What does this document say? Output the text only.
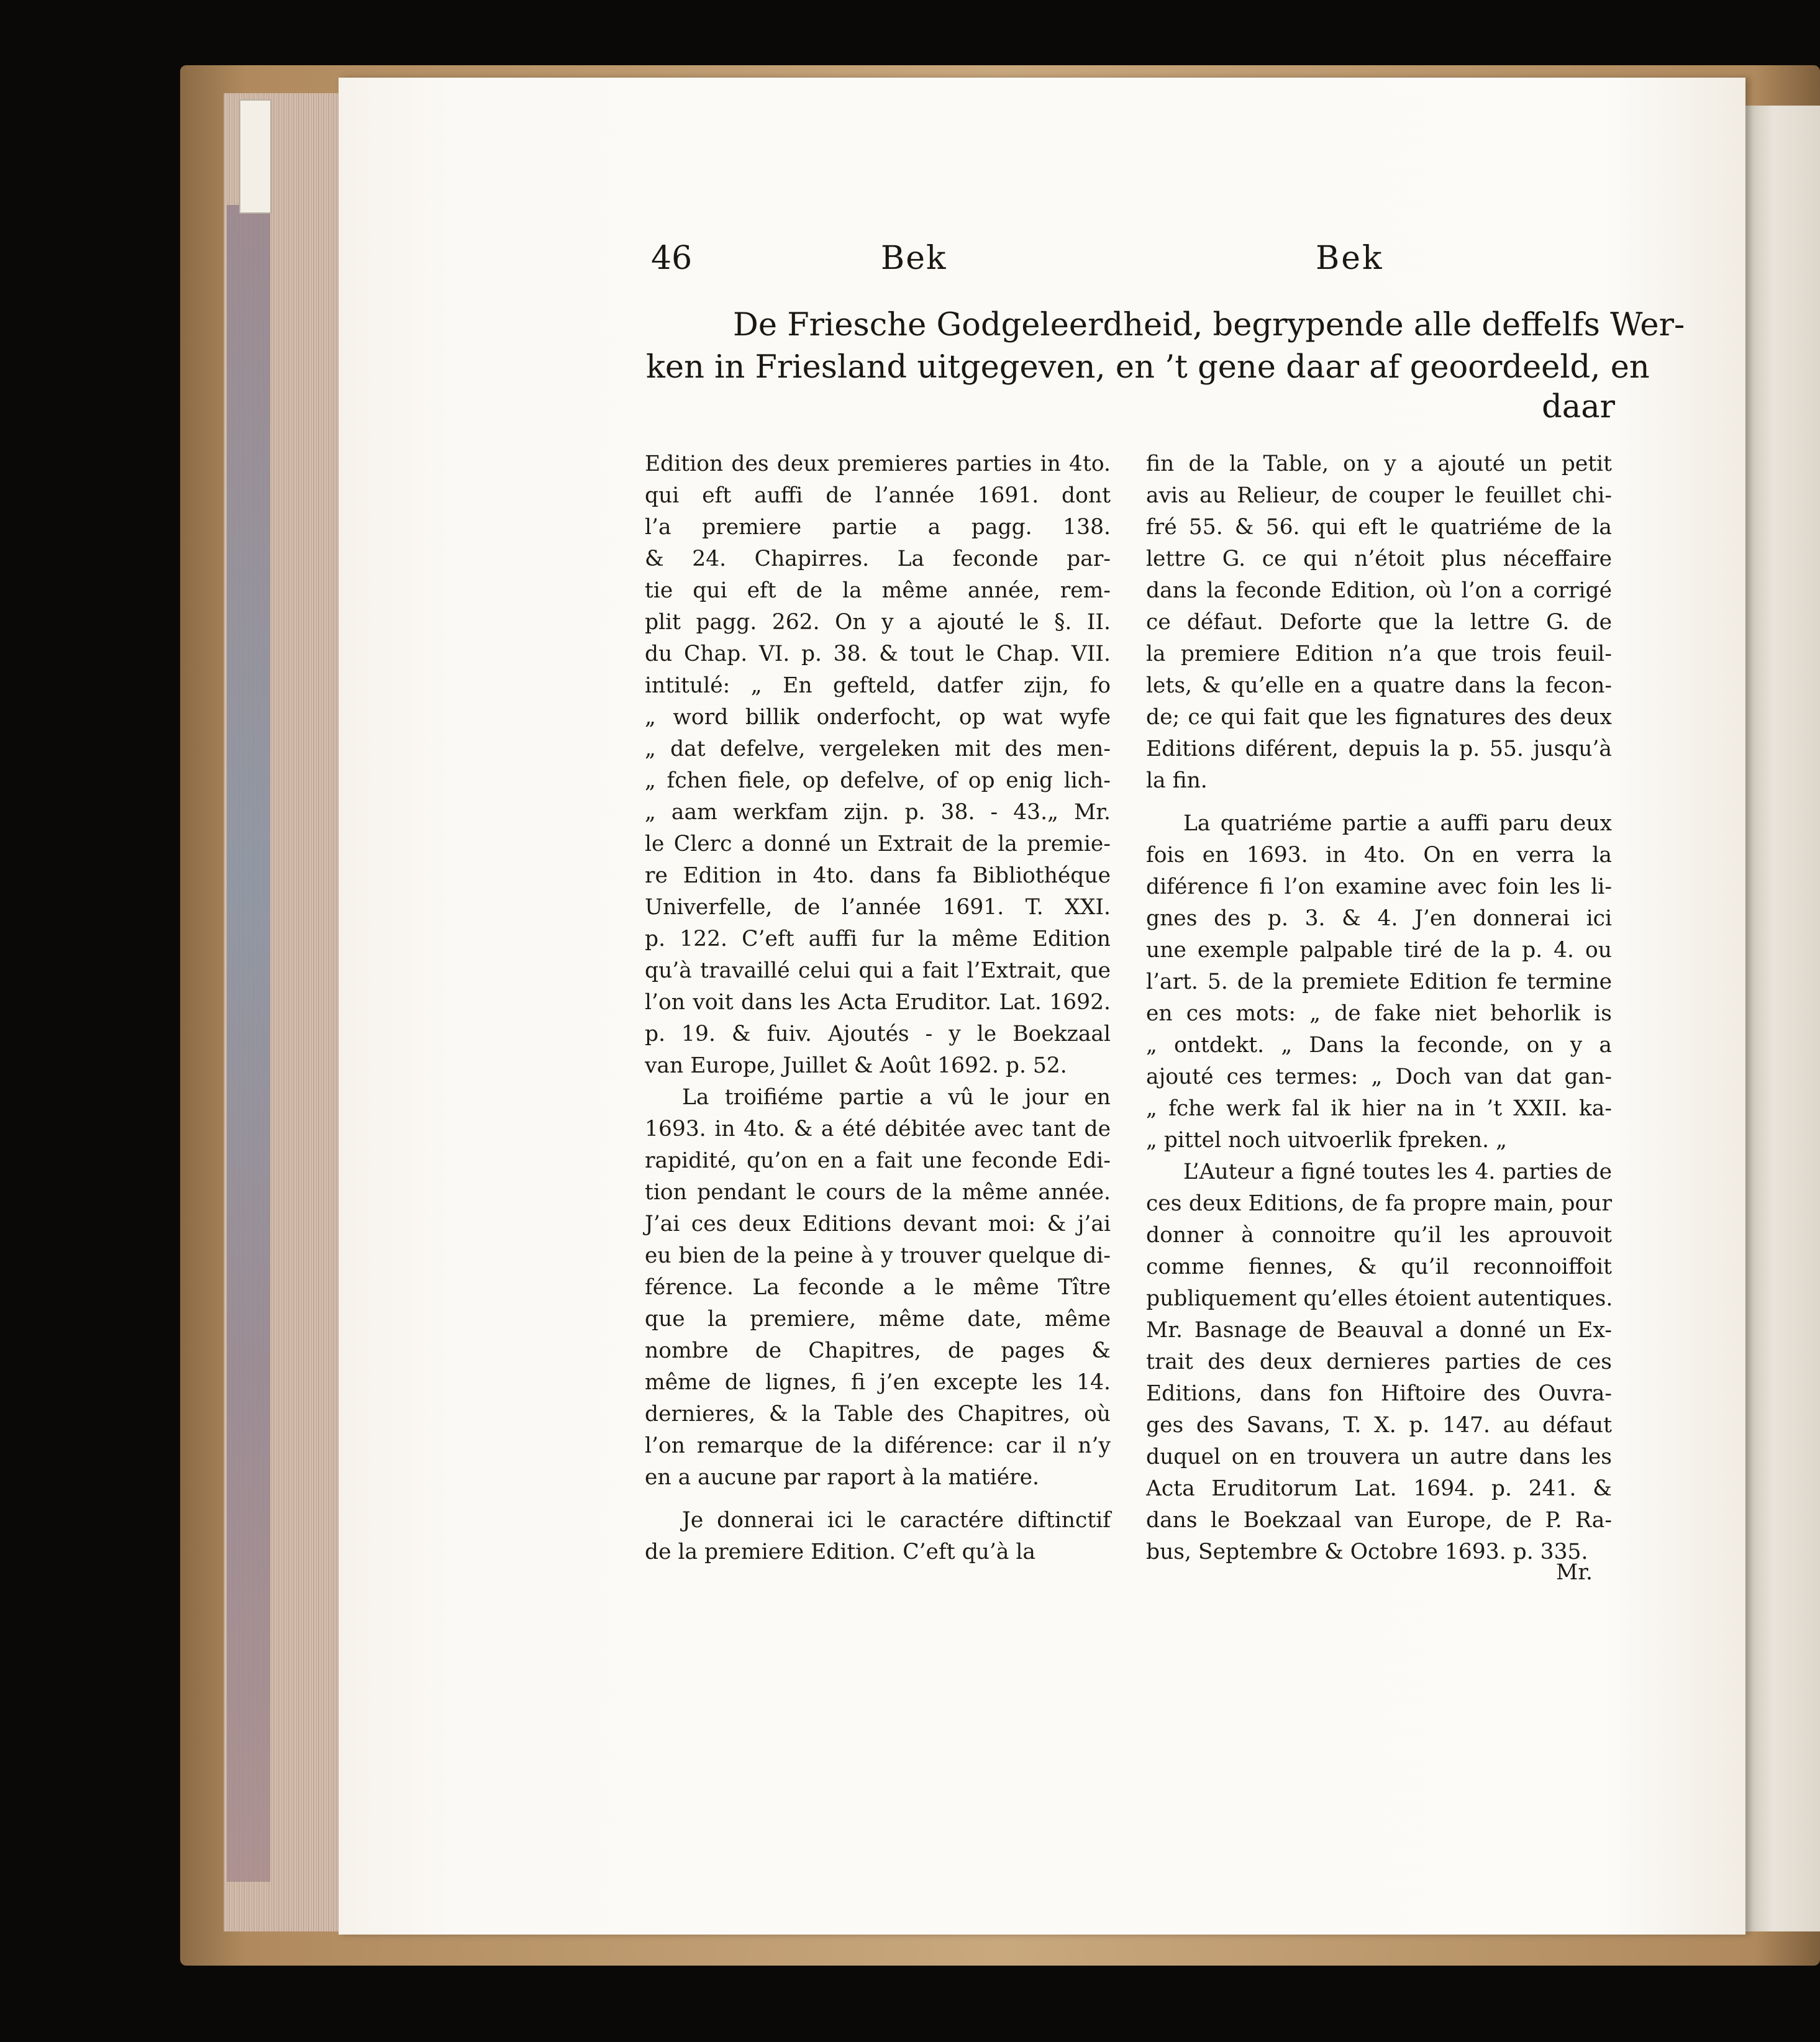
46	Bek	Bek
De Friesche Godgeleerdheid, begrypende alle deffelfs Wer-
ken in Friesland uitgegeven, en ’t gene daar af geoordeeld, en
daar
Edition des deux premieres parties in 4to.
qui eft auffi de l’année 1691. dont
l’a premiere partie a pagg. 138.
& 24. Chapirres. La feconde par-
tie qui eft de la même année, rem-
plit pagg. 262. On y a ajouté le §. II.
du Chap. VI. p. 38. & tout le Chap. VII.
intitulé: „ En gefteld, datfer zijn, fo
„ word billik onderfocht, op wat wyfe
„ dat defelve, vergeleken mit des men-
„ fchen fiele, op defelve, of op enig lich-
„ aam werkfam zijn. p. 38. - 43.„ Mr.
le Clerc a donné un Extrait de la premie-
re Edition in 4to. dans fa Bibliothéque
Univerfelle, de l’année 1691. T. XXI.
p. 122. C’eft auffi fur la même Edition
qu’à travaillé celui qui a fait l’Extrait, que
l’on voit dans les Acta Eruditor. Lat. 1692.
p. 19. & fuiv. Ajoutés - y le Boekzaal
van Europe, Juillet & Août 1692. p. 52.
La troifiéme partie a vû le jour en
1693. in 4to. & a été débitée avec tant de
rapidité, qu’on en a fait une feconde Edi-
tion pendant le cours de la même année.
J’ai ces deux Editions devant moi: & j’ai
eu bien de la peine à y trouver quelque di-
férence. La feconde a le même Tître
que la premiere, même date, même
nombre de Chapitres, de pages &
même de lignes, fi j’en excepte les 14.
dernieres, & la Table des Chapitres, où
l’on remarque de la diférence: car il n’y
en a aucune par raport à la matiére.
Je donnerai ici le caractére diftinctif
de la premiere Edition. C’eft qu’à la
fin de la Table, on y a ajouté un petit
avis au Relieur, de couper le feuillet chi-
fré 55. & 56. qui eft le quatriéme de la
lettre G. ce qui n’étoit plus néceffaire
dans la feconde Edition, où l’on a corrigé
ce défaut. Deforte que la lettre G. de
la premiere Edition n’a que trois feuil-
lets, & qu’elle en a quatre dans la fecon-
de; ce qui fait que les fignatures des deux
Editions diférent, depuis la p. 55. jusqu’à
la fin.
La quatriéme partie a auffi paru deux
fois en 1693. in 4to. On en verra la
diférence fi l’on examine avec foin les li-
gnes des p. 3. & 4. J’en donnerai ici
une exemple palpable tiré de la p. 4. ou
l’art. 5. de la premiete Edition fe termine
en ces mots: „ de fake niet behorlik is
„ ontdekt. „ Dans la feconde, on y a
ajouté ces termes: „ Doch van dat gan-
„ fche werk fal ik hier na in ’t XXII. ka-
„ pittel noch uitvoerlik fpreken. „
L’Auteur a figné toutes les 4. parties de
ces deux Editions, de fa propre main, pour
donner à connoitre qu’il les aprouvoit
comme fiennes, & qu’il reconnoiffoit
publiquement qu’elles étoient autentiques.
Mr. Basnage de Beauval a donné un Ex-
trait des deux dernieres parties de ces
Editions, dans fon Hiftoire des Ouvra-
ges des Savans, T. X. p. 147. au défaut
duquel on en trouvera un autre dans les
Acta Eruditorum Lat. 1694. p. 241. &
dans le Boekzaal van Europe, de P. Ra-
bus, Septembre & Octobre 1693. p. 335.
Mr.
